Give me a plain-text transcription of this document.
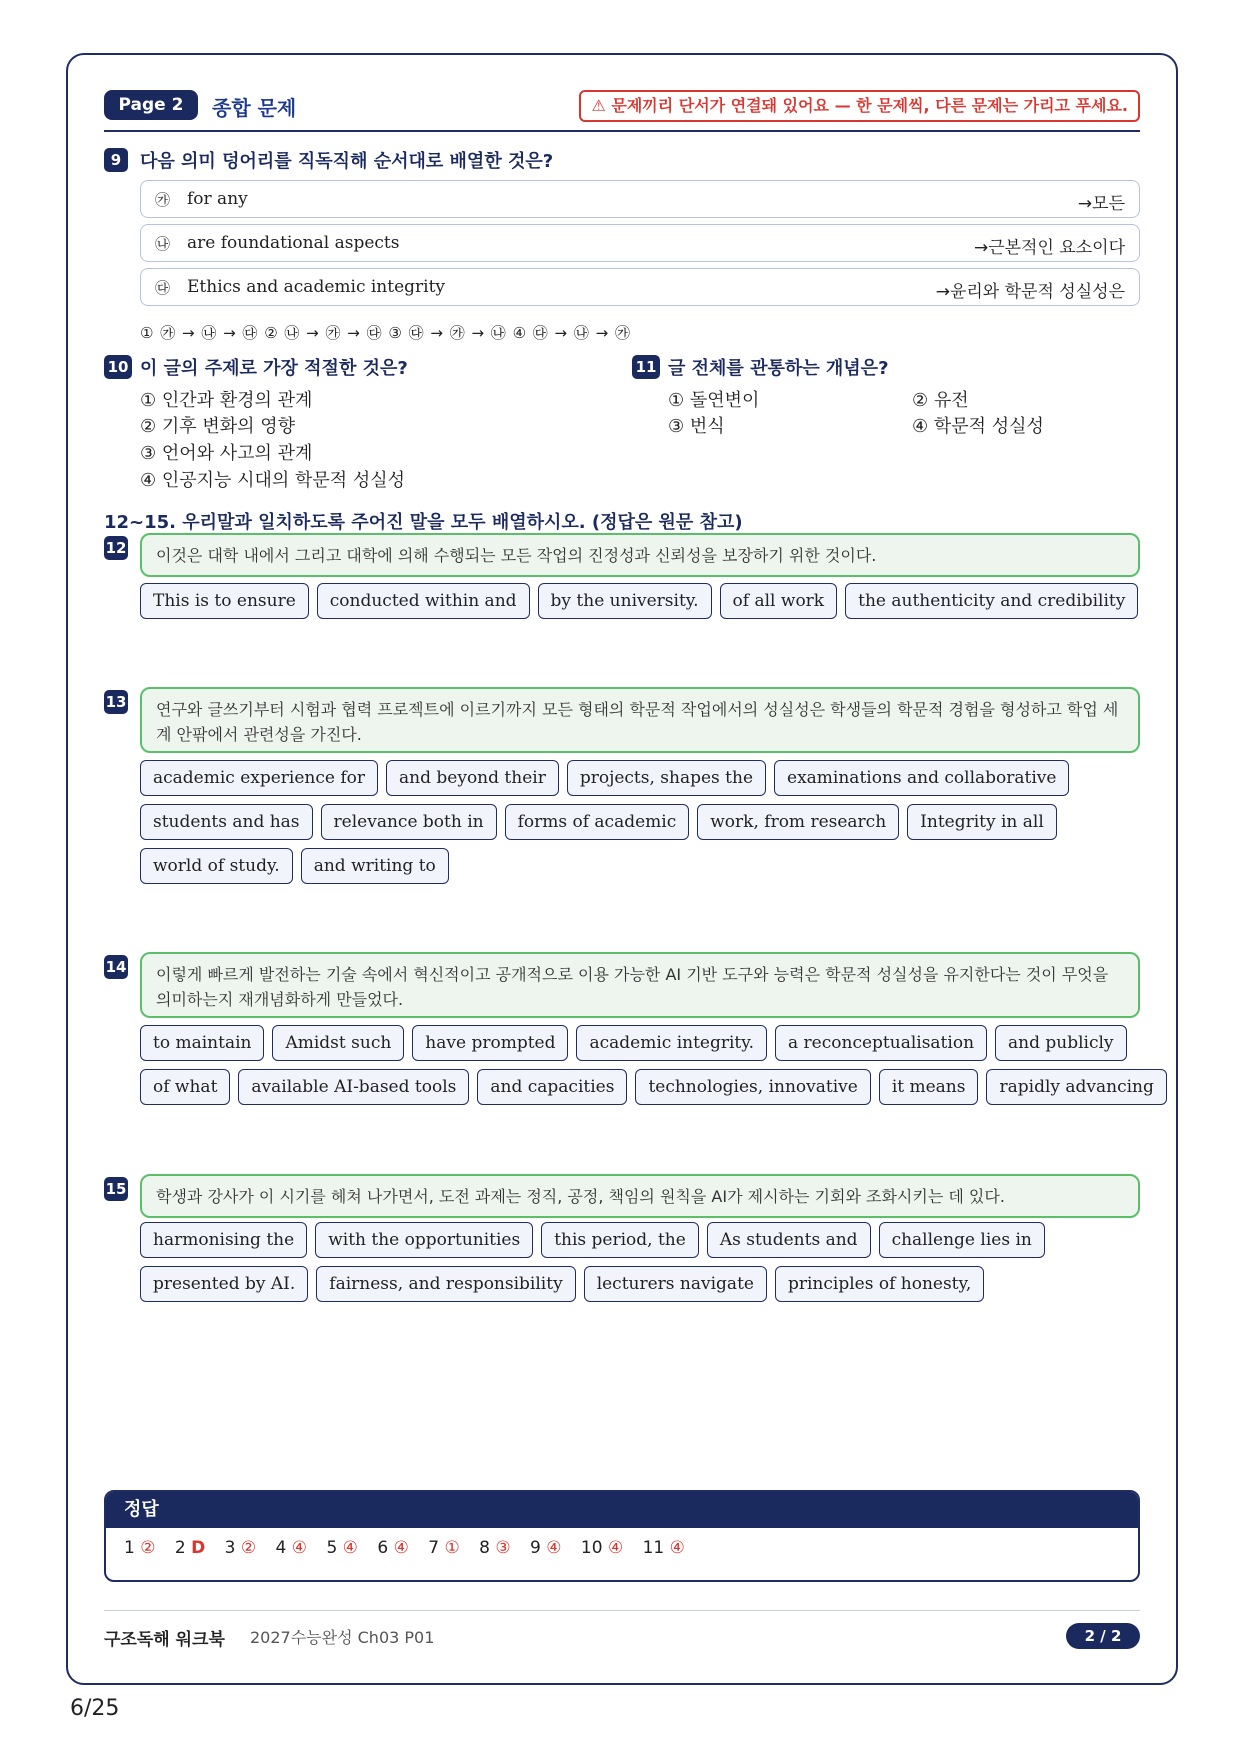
Page 2	종합 문제	⚠ 문제끼리 단서가 연결돼 있어요 — 한 문제씩, 다른 문제는 가리고 푸세요.
9	다음 의미 덩어리를 직독직해 순서대로 배열한 것은?
㉮ for any	→모든
㉯ are foundational aspects	→근본적인 요소이다
㉰ Ethics and academic integrity	→윤리와 학문적 성실성은
① ㉮ → ㉯ → ㉰ ② ㉯ → ㉮ → ㉰ ③ ㉰ → ㉮ → ㉯ ④ ㉰ → ㉯ → ㉮
10 이 글의 주제로 가장 적절한 것은?
① 인간과 환경의 관계
② 기후 변화의 영향
③ 언어와 사고의 관계
④ 인공지능 시대의 학문적 성실성
11 글 전체를 관통하는 개념은?
① 돌연변이	② 유전
③ 번식	④ 학문적 성실성
12~15. 우리말과 일치하도록 주어진 말을 모두 배열하시오. (정답은 원문 참고)
12	이것은 대학 내에서 그리고 대학에 의해 수행되는 모든 작업의 진정성과 신뢰성을 보장하기 위한 것이다.
This is to ensure	conducted within and	by the university.	of all work	the authenticity and credibility
13	연구와 글쓰기부터 시험과 협력 프로젝트에 이르기까지 모든 형태의 학문적 작업에서의 성실성은 학생들의 학문적 경험을 형성하고 학업 세계 안팎에서 관련성을 가진다.
academic experience for	and beyond their	projects, shapes the	examinations and collaborative
students and has	relevance both in	forms of academic	work, from research	Integrity in all
world of study.	and writing to
14	이렇게 빠르게 발전하는 기술 속에서 혁신적이고 공개적으로 이용 가능한 AI 기반 도구와 능력은 학문적 성실성을 유지한다는 것이 무엇을 의미하는지 재개념화하게 만들었다.
to maintain	Amidst such	have prompted	academic integrity.	a reconceptualisation	and publicly
of what	available AI-based tools	and capacities	technologies, innovative	it means	rapidly advancing
15	학생과 강사가 이 시기를 헤쳐 나가면서, 도전 과제는 정직, 공정, 책임의 원칙을 AI가 제시하는 기회와 조화시키는 데 있다.
harmonising the	with the opportunities	this period, the	As students and	challenge lies in
presented by AI.	fairness, and responsibility	lecturers navigate	principles of honesty,
정답
1 ② 2 D 3 ② 4 ④ 5 ④ 6 ④ 7 ① 8 ③ 9 ④ 10 ④ 11 ④
구조독해 워크북 2027수능완성 Ch03 P01	2 / 2
6/25
